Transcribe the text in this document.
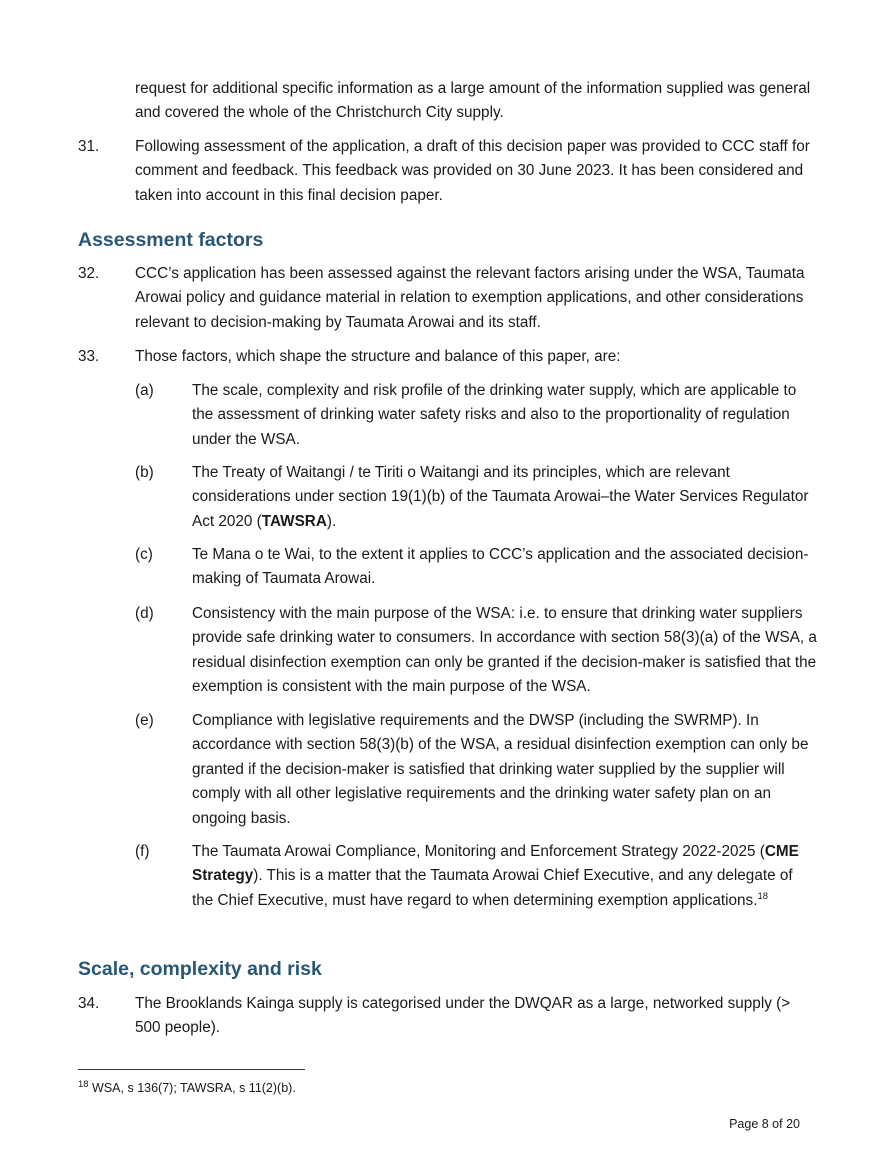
request for additional specific information as a large amount of the information supplied was general and covered the whole of the Christchurch City supply.

31. Following assessment of the application, a draft of this decision paper was provided to CCC staff for comment and feedback. This feedback was provided on 30 June 2023. It has been considered and taken into account in this final decision paper.

Assessment factors
32. CCC’s application has been assessed against the relevant factors arising under the WSA, Taumata Arowai policy and guidance material in relation to exemption applications, and other considerations relevant to decision-making by Taumata Arowai and its staff.

33. Those factors, which shape the structure and balance of this paper, are:

(a)	The scale, complexity and risk profile of the drinking water supply, which are applicable to the assessment of drinking water safety risks and also to the proportionality of regulation under the WSA.

(b)	The Treaty of Waitangi / te Tiriti o Waitangi and its principles, which are relevant considerations under section 19(1)(b) of the Taumata Arowai–the Water Services Regulator Act 2020 (TAWSRA).

(c)	Te Mana o te Wai, to the extent it applies to CCC’s application and the associated decision-making of Taumata Arowai.

(d)	Consistency with the main purpose of the WSA: i.e. to ensure that drinking water suppliers provide safe drinking water to consumers. In accordance with section 58(3)(a) of the WSA, a residual disinfection exemption can only be granted if the decision-maker is satisfied that the exemption is consistent with the main purpose of the WSA.

(e)	Compliance with legislative requirements and the DWSP (including the SWRMP). In accordance with section 58(3)(b) of the WSA, a residual disinfection exemption can only be granted if the decision-maker is satisfied that drinking water supplied by the supplier will comply with all other legislative requirements and the drinking water safety plan on an ongoing basis.

(f)	The Taumata Arowai Compliance, Monitoring and Enforcement Strategy 2022-2025 (CME Strategy). This is a matter that the Taumata Arowai Chief Executive, and any delegate of the Chief Executive, must have regard to when determining exemption applications.$^{18}$

Scale, complexity and risk
34. The Brooklands Kainga supply is categorised under the DWQAR as a large, networked supply (> 500 people).

$^{18}$ WSA, s 136(7); TAWSRA, s 11(2)(b).
Page 8 of 20
